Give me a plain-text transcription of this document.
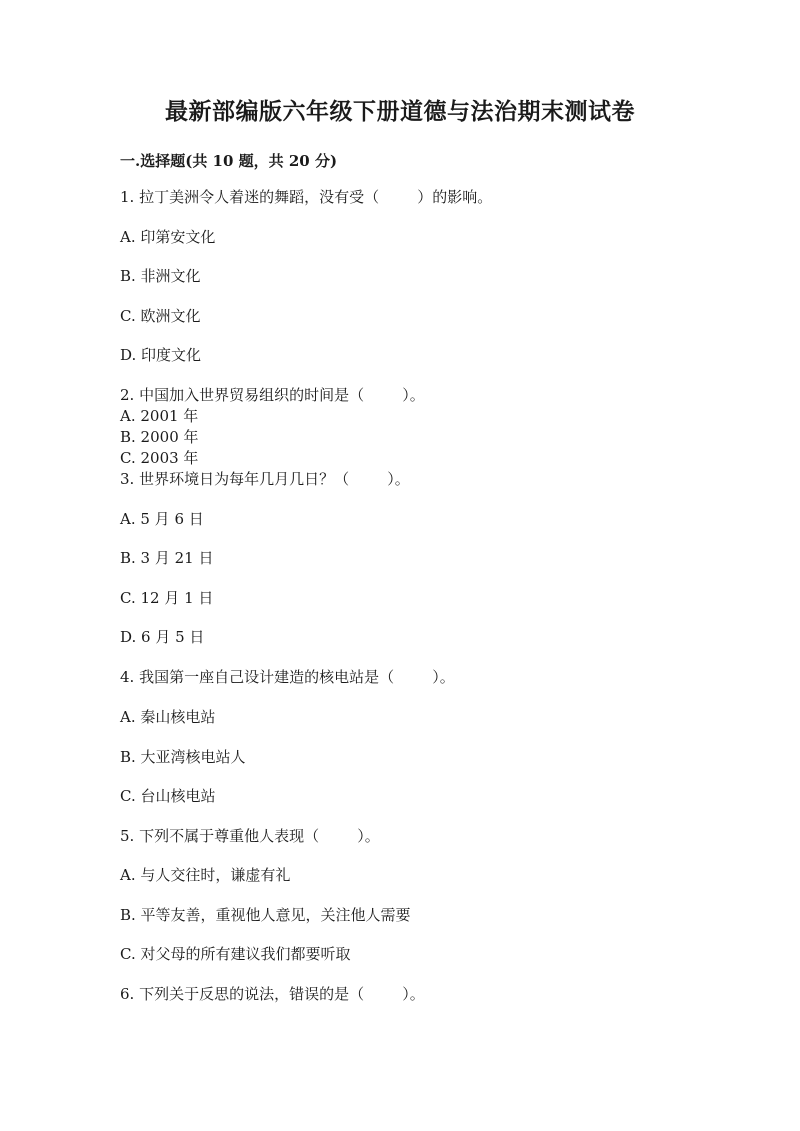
最新部编版六年级下册道德与法治期末测试卷
一.选择题(共 10 题，共 20 分)
1. 拉丁美洲令人着迷的舞蹈，没有受（        ）的影响。
A. 印第安文化
B. 非洲文化
C. 欧洲文化
D. 印度文化
2. 中国加入世界贸易组织的时间是（        ）。
A. 2001 年
B. 2000 年
C. 2003 年
3. 世界环境日为每年几月几日？（        ）。
A. 5 月 6 日
B. 3 月 21 日
C. 12 月 1 日
D. 6 月 5 日
4. 我国第一座自己设计建造的核电站是（        ）。
A. 秦山核电站
B. 大亚湾核电站人
C. 台山核电站
5. 下列不属于尊重他人表现（        ）。
A. 与人交往时，谦虚有礼
B. 平等友善，重视他人意见，关注他人需要
C. 对父母的所有建议我们都要听取
6. 下列关于反思的说法，错误的是（        ）。
